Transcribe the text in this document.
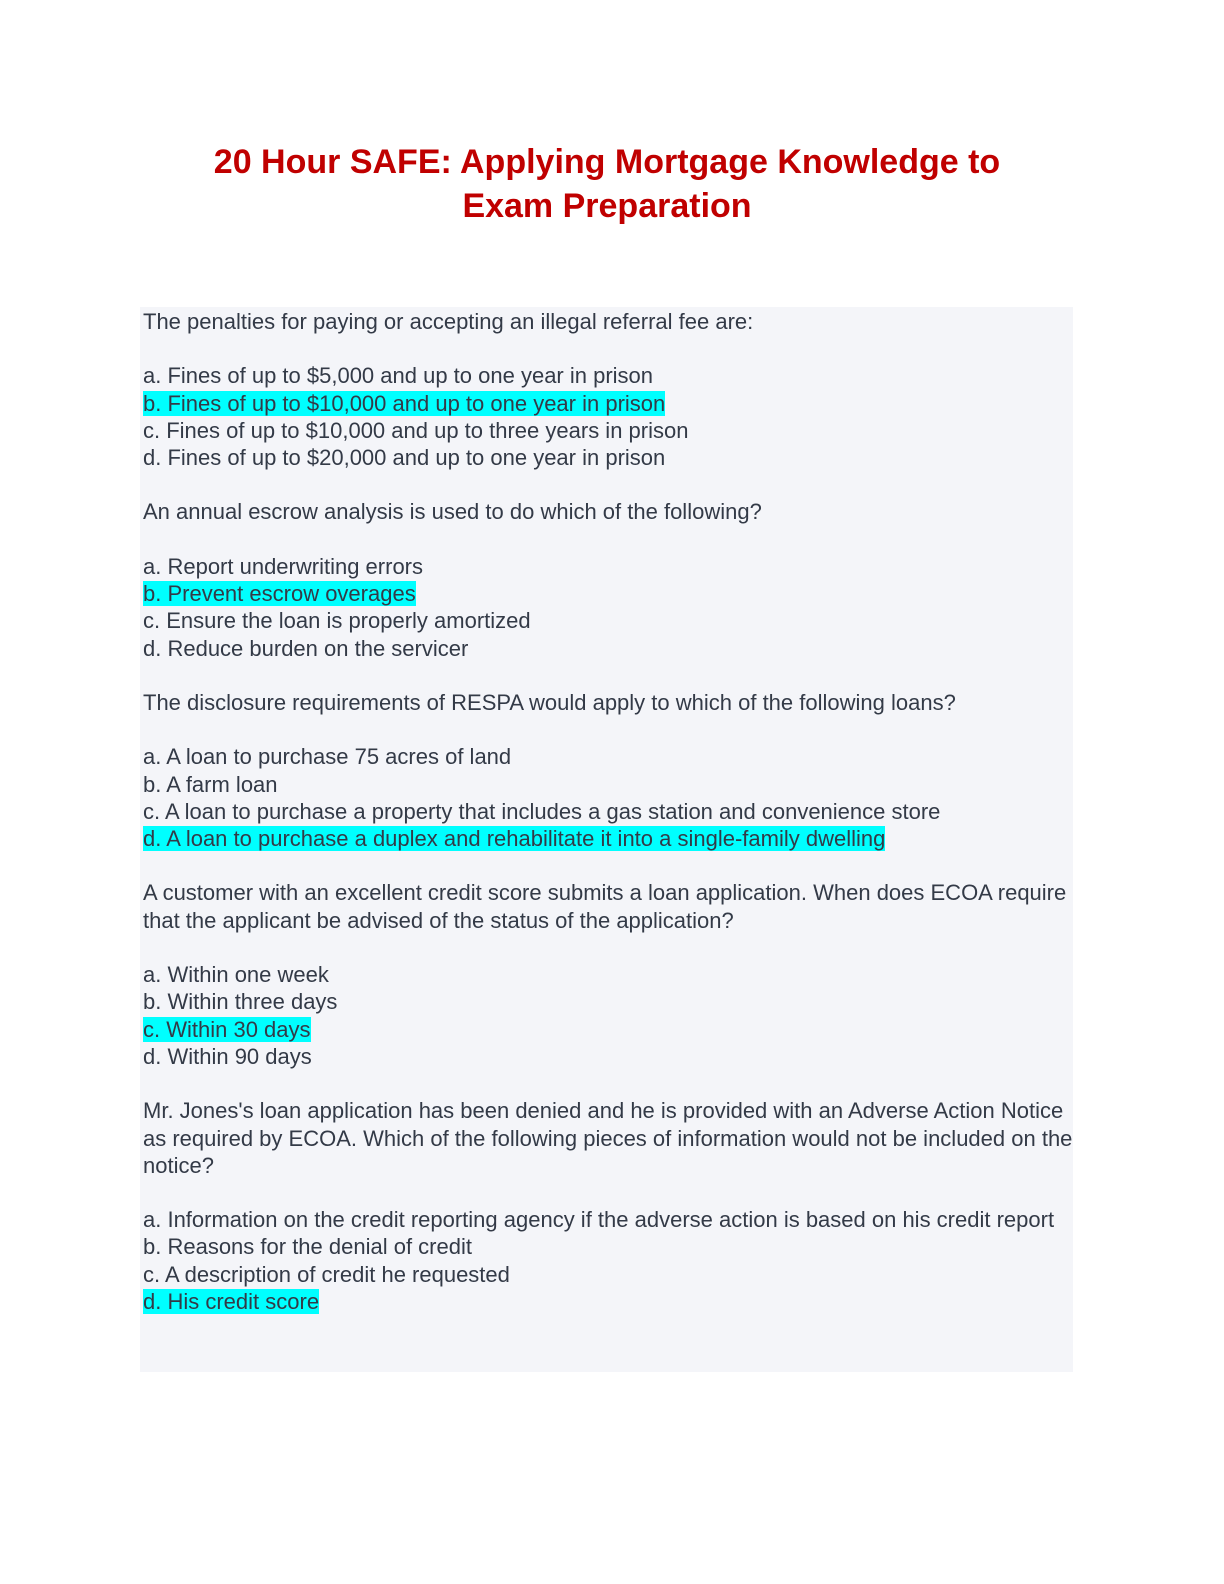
20 Hour SAFE: Applying Mortgage Knowledge to
Exam Preparation

The penalties for paying or accepting an illegal referral fee are:

a. Fines of up to $5,000 and up to one year in prison

b. Fines of up to $10,000 and up to one year in prison

c. Fines of up to $10,000 and up to three years in prison

d. Fines of up to $20,000 and up to one year in prison

An annual escrow analysis is used to do which of the following?

a. Report underwriting errors

b. Prevent escrow overages

c. Ensure the loan is properly amortized

d. Reduce burden on the servicer

The disclosure requirements of RESPA would apply to which of the following loans?

a. A loan to purchase 75 acres of land

b. A farm loan

c. A loan to purchase a property that includes a gas station and convenience store

d. A loan to purchase a duplex and rehabilitate it into a single-family dwelling

A customer with an excellent credit score submits a loan application. When does ECOA require that the applicant be advised of the status of the application?

a. Within one week

b. Within three days

c. Within 30 days

d. Within 90 days

Mr. Jones's loan application has been denied and he is provided with an Adverse Action Notice as required by ECOA. Which of the following pieces of information would not be included on the notice?

a. Information on the credit reporting agency if the adverse action is based on his credit report

b. Reasons for the denial of credit

c. A description of credit he requested

d. His credit score
